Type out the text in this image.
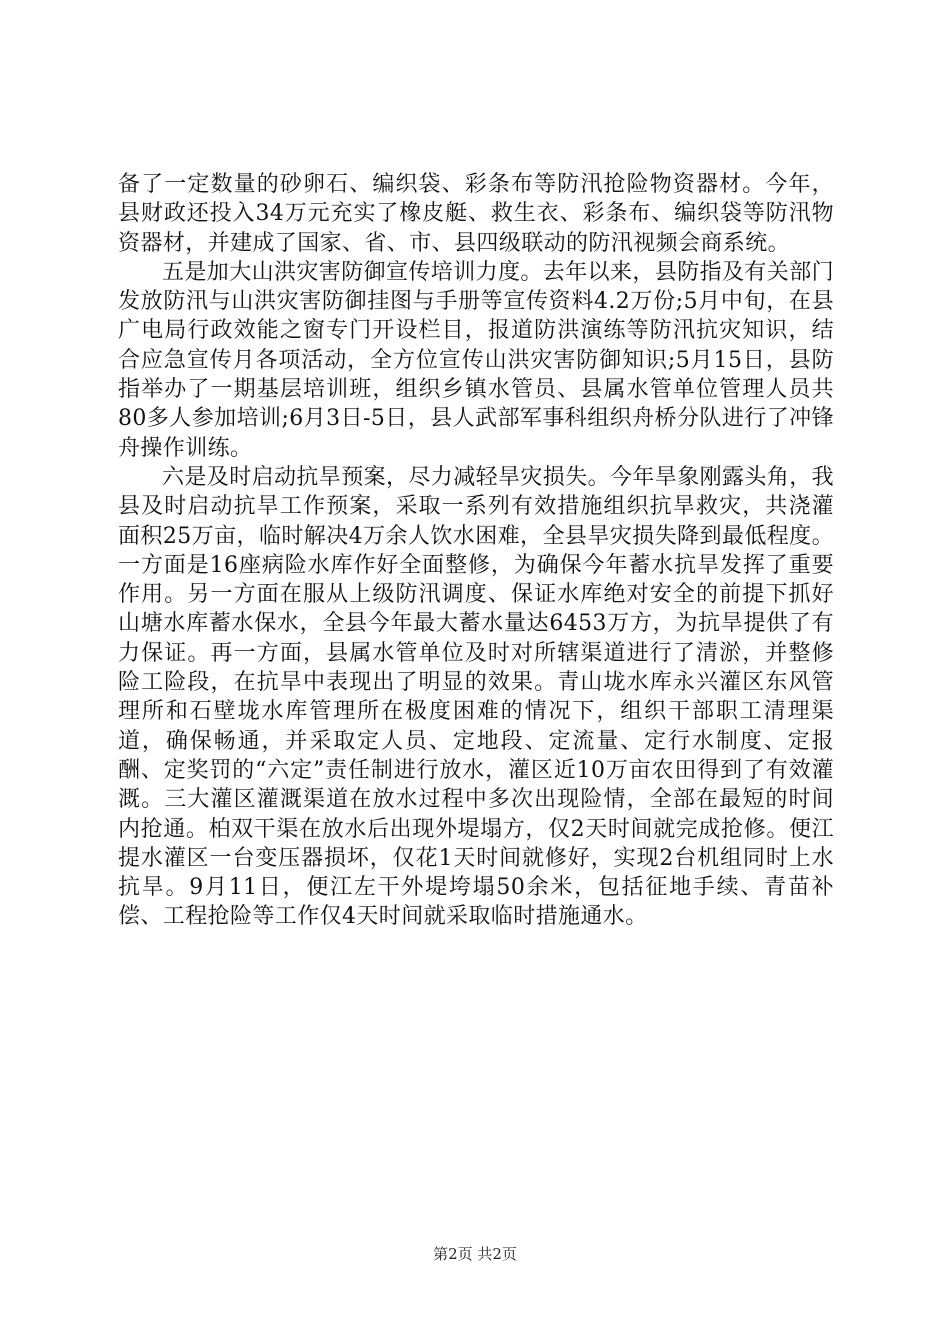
备了一定数量的砂卵石、编织袋、彩条布等防汛抢险物资器材。今年，县财政还投入34万元充实了橡皮艇、救生衣、彩条布、编织袋等防汛物资器材，并建成了国家、省、市、县四级联动的防汛视频会商系统。

五是加大山洪灾害防御宣传培训力度。去年以来，县防指及有关部门发放防汛与山洪灾害防御挂图与手册等宣传资料4.2万份;5月中旬，在县广电局行政效能之窗专门开设栏目，报道防洪演练等防汛抗灾知识，结合应急宣传月各项活动，全方位宣传山洪灾害防御知识;5月15日，县防指举办了一期基层培训班，组织乡镇水管员、县属水管单位管理人员共80多人参加培训;6月3日-5日，县人武部军事科组织舟桥分队进行了冲锋舟操作训练。

六是及时启动抗旱预案，尽力减轻旱灾损失。今年旱象刚露头角，我县及时启动抗旱工作预案，采取一系列有效措施组织抗旱救灾，共浇灌面积25万亩，临时解决4万余人饮水困难，全县旱灾损失降到最低程度。一方面是16座病险水库作好全面整修，为确保今年蓄水抗旱发挥了重要作用。另一方面在服从上级防汛调度、保证水库绝对安全的前提下抓好山塘水库蓄水保水，全县今年最大蓄水量达6453万方，为抗旱提供了有力保证。再一方面，县属水管单位及时对所辖渠道进行了清淤，并整修险工险段，在抗旱中表现出了明显的效果。青山垅水库永兴灌区东风管理所和石壁垅水库管理所在极度困难的情况下，组织干部职工清理渠道，确保畅通，并采取定人员、定地段、定流量、定行水制度、定报酬、定奖罚的“六定”责任制进行放水，灌区近10万亩农田得到了有效灌溉。三大灌区灌溉渠道在放水过程中多次出现险情，全部在最短的时间内抢通。柏双干渠在放水后出现外堤塌方，仅2天时间就完成抢修。便江提水灌区一台变压器损坏，仅花1天时间就修好，实现2台机组同时上水抗旱。9月11日，便江左干外堤垮塌50余米，包括征地手续、青苗补偿、工程抢险等工作仅4天时间就采取临时措施通水。

第2页 共2页
